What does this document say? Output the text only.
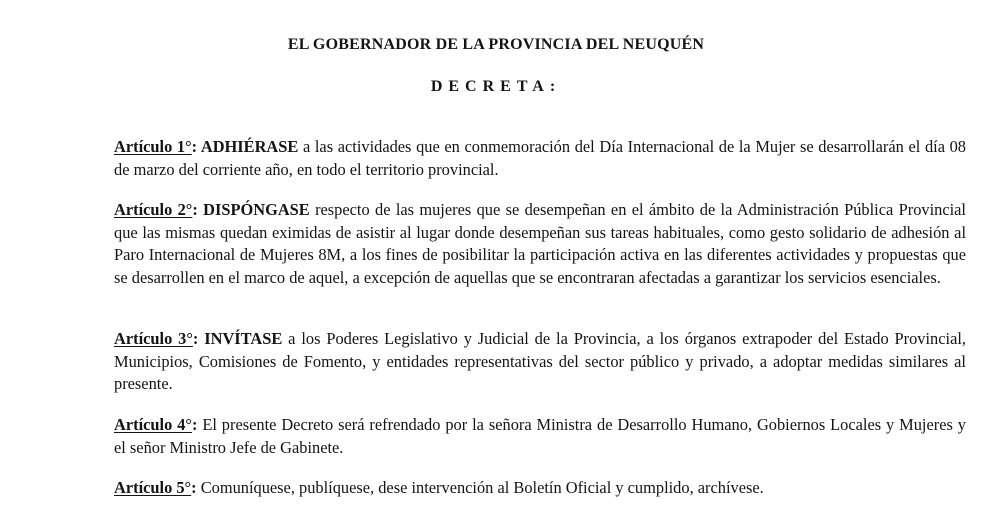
EL GOBERNADOR DE LA PROVINCIA DEL NEUQUÉN
DECRETA:

Artículo 1°: ADHIÉRASE a las actividades que en conmemoración del Día Internacional de la Mujer se desarrollarán el día 08 de marzo del corriente año, en todo el territorio provincial.

Artículo 2°: DISPÓNGASE respecto de las mujeres que se desempeñan en el ámbito de la Administración Pública Provincial que las mismas quedan eximidas de asistir al lugar donde desempeñan sus tareas habituales, como gesto solidario de adhesión al Paro Internacional de Mujeres 8M, a los fines de posibilitar la participación activa en las diferentes actividades y propuestas que se desarrollen en el marco de aquel, a excepción de aquellas que se encontraran afectadas a garantizar los servicios esenciales.

Artículo 3°: INVÍTASE a los Poderes Legislativo y Judicial de la Provincia, a los órganos extrapoder del Estado Provincial, Municipios, Comisiones de Fomento, y entidades representativas del sector público y privado, a adoptar medidas similares al presente.

Artículo 4°: El presente Decreto será refrendado por la señora Ministra de Desarrollo Humano, Gobiernos Locales y Mujeres y el señor Ministro Jefe de Gabinete.

Artículo 5°: Comuníquese, publíquese, dese intervención al Boletín Oficial y cumplido, archívese.
